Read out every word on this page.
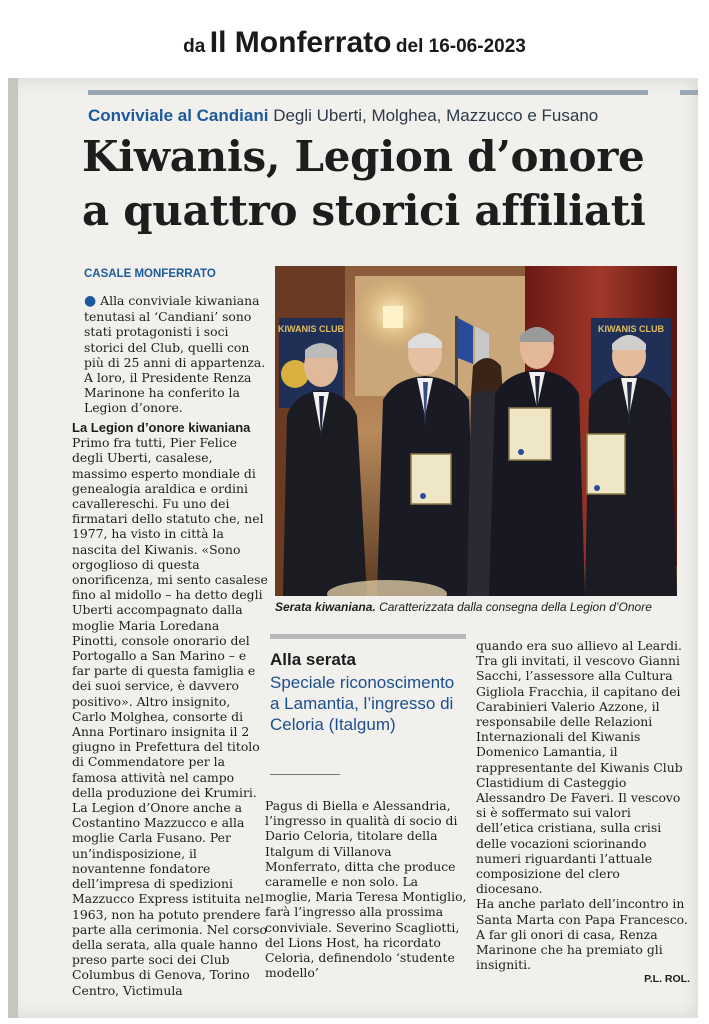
da Il Monferrato del 16-06-2023
Conviviale al Candiani Degli Uberti, Molghea, Mazzucco e Fusano
Kiwanis, Legion d’onore
a quattro storici affiliati
CASALE MONFERRATO

● Alla conviviale kiwaniana tenutasi al ‘Candiani’ sono stati protagonisti i soci storici del Club, quelli con più di 25 anni di appartenza. A loro, il Presidente Renza Marinone ha conferito la Legion d’onore.

La Legion d’onore kiwaniana

Primo fra tutti, Pier Felice degli Uberti, casalese, massimo esperto mondiale di genealogia araldica e ordini cavallereschi. Fu uno dei firmatari dello statuto che, nel 1977, ha visto in città la nascita del Kiwanis. «Sono orgoglioso di questa onorificenza, mi sento casalese fino al midollo – ha detto degli Uberti accompagnato dalla moglie Maria Loredana Pinotti, console onorario del Portogallo a San Marino – e far parte di questa famiglia e dei suoi service, è davvero positivo». Altro insignito, Carlo Molghea, consorte di Anna Portinaro insignita il 2 giugno in Prefettura del titolo di Commendatore per la famosa attività nel campo della produzione dei Krumiri.

La Legion d’Onore anche a Costantino Mazzucco e alla moglie Carla Fusano. Per un’indisposizione, il novantenne fondatore dell’impresa di spedizioni Mazzucco Express istituita nel 1963, non ha potuto prendere parte alla cerimonia. Nel corso della serata, alla quale hanno preso parte soci dei Club Columbus di Genova, Torino Centro, Victimula

KIWANIS CLUB	KIWANIS CLUB
Serata kiwaniana. Caratterizzata dalla consegna della Legion d’Onore
Alla serata
Speciale riconoscimento a Lamantia, l’ingresso di Celoria (Italgum)

Pagus di Biella e Alessandria, l’ingresso in qualità di socio di Dario Celoria, titolare della Italgum di Villanova Monferrato, ditta che produce caramelle e non solo. La moglie, Maria Teresa Montiglio, farà l’ingresso alla prossima conviviale. Severino Scagliotti, del Lions Host, ha ricordato Celoria, definendolo ‘studente modello’

quando era suo allievo al Leardi. Tra gli invitati, il vescovo Gianni Sacchi, l’assessore alla Cultura Gigliola Fracchia, il capitano dei Carabinieri Valerio Azzone, il responsabile delle Relazioni Internazionali del Kiwanis Domenico Lamantia, il rappresentante del Kiwanis Club Clastidium di Casteggio Alessandro De Faveri. Il vescovo si è soffermato sui valori dell’etica cristiana, sulla crisi delle vocazioni sciorinando numeri riguardanti l’attuale composizione del clero diocesano.

Ha anche parlato dell’incontro in Santa Marta con Papa Francesco. A far gli onori di casa, Renza Marinone che ha premiato gli insigniti.

P.L. ROL.
